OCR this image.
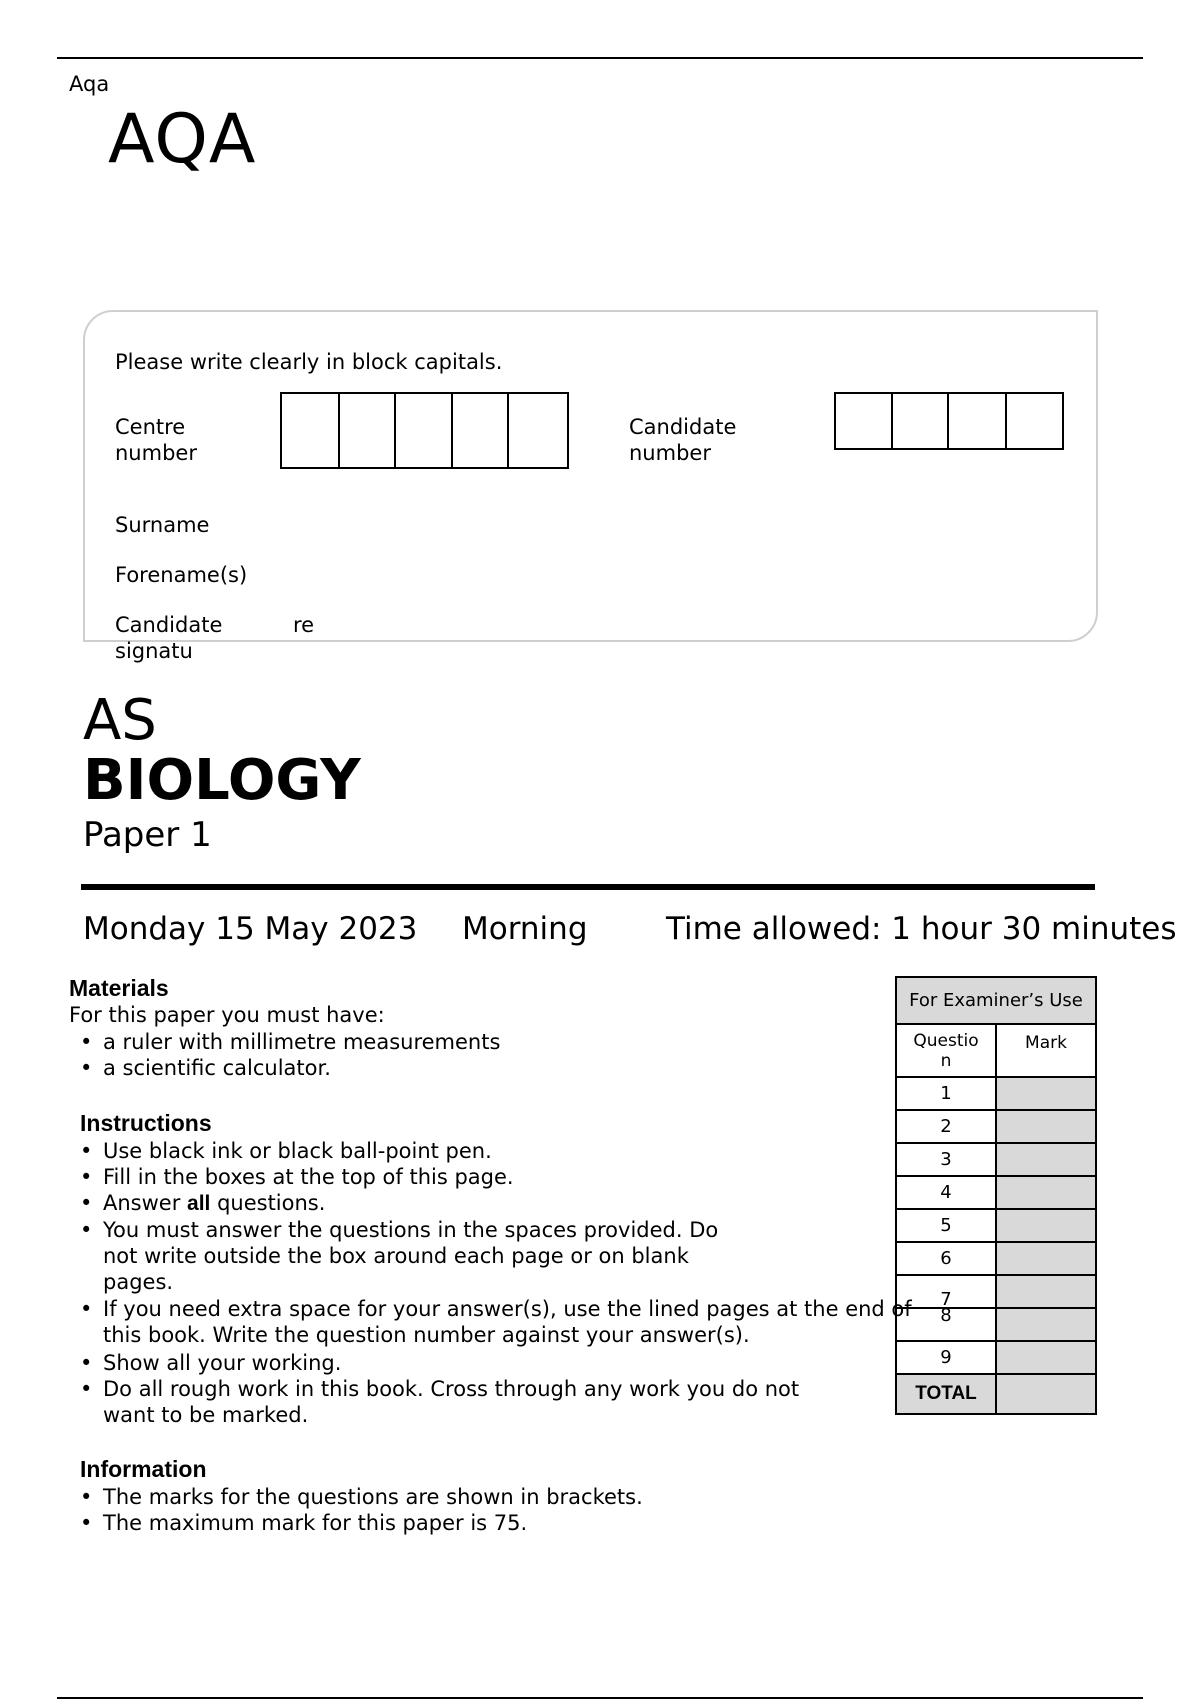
Aqa
AQA
Please write clearly in block capitals.
Centre
number
Candidate
number
Surname
Forename(s)
Candidate
signatu
re
AS
BIOLOGY
Paper 1
Monday 15 May 2023 Morning	Time allowed: 1 hour 30 minutes
Materials
For this paper you must have:
• a ruler with millimetre measurements
• a scientific calculator.
Instructions
• Use black ink or black ball-point pen.
• Fill in the boxes at the top of this page.
• Answer all questions.
• You must answer the questions in the spaces provided. Do not write outside the box around each page or on blank pages.
• If you need extra space for your answer(s), use the lined pages at the end of
this book. Write the question number against your answer(s).
• Show all your working.
• Do all rough work in this book. Cross through any work you do not want to be marked.
Information
• The marks for the questions are shown in brackets.
• The maximum mark for this paper is 75.
For Examiner’s Use	

Questio n	Mark
1	
2	
3	
4	
5	
6	
7	
8	
9	
TOTAL	
